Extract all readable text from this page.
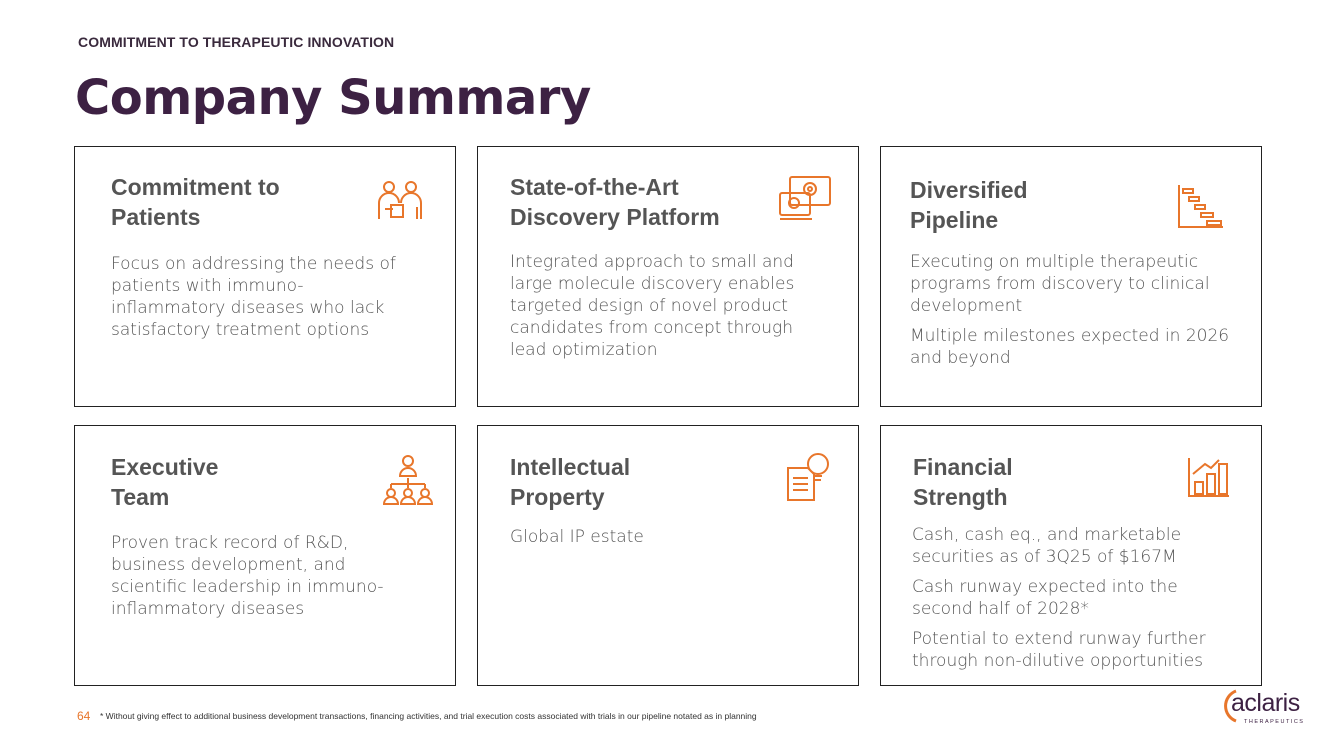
COMMITMENT TO THERAPEUTIC INNOVATION
Company Summary
Commitment to
Patients

Focus on addressing the needs of patients with immuno-inflammatory diseases who lack satisfactory treatment options

State-of-the-Art
Discovery Platform

Integrated approach to small and large molecule discovery enables targeted design of novel product candidates from concept through lead optimization

Diversified
Pipeline

Executing on multiple therapeutic programs from discovery to clinical development

Multiple milestones expected in 2026 and beyond

Executive
Team

Proven track record of R&D, business development, and scientific leadership in immuno-inflammatory diseases

Intellectual
Property

Global IP estate

Financial
Strength

Cash, cash eq., and marketable securities as of 3Q25 of $167M

Cash runway expected into the second half of 2028*

Potential to extend runway further through non-dilutive opportunities

64 * Without giving effect to additional business development transactions, financing activities, and trial execution costs associated with trials in our pipeline notated as in planning	aclaris
THERAPEUTICS
